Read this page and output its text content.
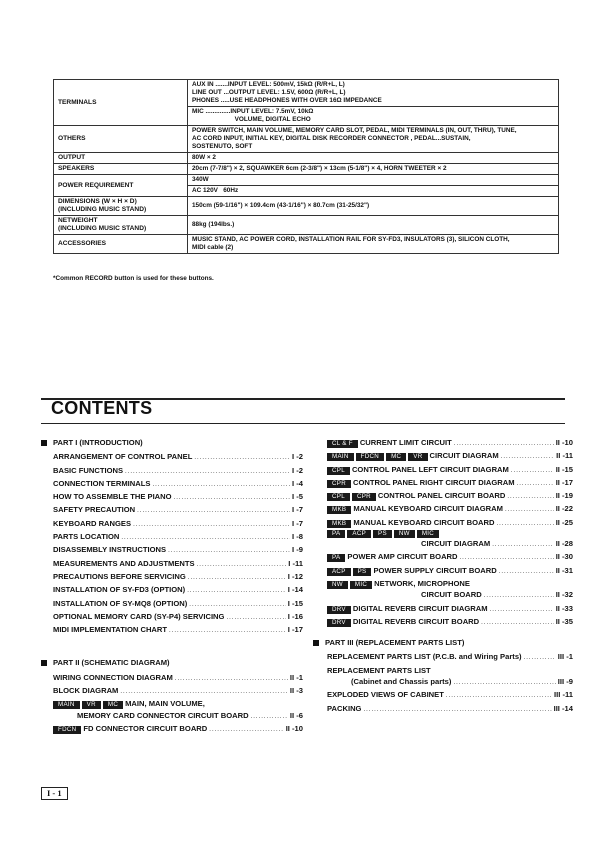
TERMINALS	AUX IN .......INPUT LEVEL: 500mV, 15kΩ (R/R+L, L)
LINE OUT ...OUTPUT LEVEL: 1.5V, 600Ω (R/R+L, L)
PHONES .....USE HEADPHONES WITH OVER 16Ω IMPEDANCE

	MIC ..............INPUT LEVEL: 7.5mV, 10kΩ
VOLUME, DIGITAL ECHO

OTHERS	POWER SWITCH, MAIN VOLUME, MEMORY CARD SLOT, PEDAL, MIDI TERMINALS (IN, OUT, THRU), TUNE,
AC CORD INPUT, INITIAL KEY, DIGITAL DISK RECORDER CONNECTOR , PEDAL...SUSTAIN,
SOSTENUTO, SOFT

OUTPUT	80W × 2

SPEAKERS	20cm (7-7/8") × 2, SQUAWKER 6cm (2-3/8") × 13cm (5-1/8") × 4, HORN TWEETER × 2

POWER REQUIREMENT	340W

	AC 120V   60Hz

DIMENSIONS (W × H × D)
(INCLUDING MUSIC STAND)	150cm (59-1/16") × 109.4cm (43-1/16") × 80.7cm (31-25/32")

NETWEIGHT
(INCLUDING MUSIC STAND)	88kg (194lbs.)

ACCESSORIES	MUSIC STAND, AC POWER CORD, INSTALLATION RAIL FOR SY-FD3, INSULATORS (3), SILICON CLOTH,
MIDI cable (2)
*Common RECORD button is used for these buttons.
CONTENTS
PART I (INTRODUCTION)
ARRANGEMENT OF CONTROL PANEL .....	I -2
BASIC FUNCTIONS .....	I -2
CONNECTION TERMINALS .....	I -4
HOW TO ASSEMBLE THE PIANO .....	I -5
SAFETY PRECAUTION .....	I -7
KEYBOARD RANGES .....	I -7
PARTS LOCATION .....	I -8
DISASSEMBLY INSTRUCTIONS .....	I -9
MEASUREMENTS AND ADJUSTMENTS .....	I -11
PRECAUTIONS BEFORE SERVICING .....	I -12
INSTALLATION OF SY-FD3 (OPTION) .....	I -14
INSTALLATION OF SY-MQ8 (OPTION) .....	I -15
OPTIONAL MEMORY CARD (SY-P4) SERVICING .....	I -16
MIDI IMPLEMENTATION CHART .....	I -17
PART II (SCHEMATIC DIAGRAM)
WIRING CONNECTION DIAGRAM .....	II -1
BLOCK DIAGRAM .....	II -3
MAIN VR MC MAIN, MAIN VOLUME,
MEMORY CARD CONNECTOR CIRCUIT BOARD .....	II -6
FDCN FD CONNECTOR CIRCUIT BOARD .....	II -10
CL & F CURRENT LIMIT CIRCUIT .....	II -10
MAIN	FDCN	MC	VR CIRCUIT DIAGRAM .....	II -11
CPL CONTROL PANEL LEFT CIRCUIT DIAGRAM .....	II -15
CPR CONTROL PANEL RIGHT CIRCUIT DIAGRAM .....	II -17
CPL	CPR CONTROL PANEL CIRCUIT BOARD .....	II -19
MKB MANUAL KEYBOARD CIRCUIT DIAGRAM .....	II -22
MKB MANUAL KEYBOARD CIRCUIT BOARD .....	II -25
PA	ACP	PS	NW	MIC
CIRCUIT DIAGRAM .....	II -28
PA POWER AMP CIRCUIT BOARD .....	II -30
ACP	PS POWER SUPPLY CIRCUIT BOARD .....	II -31
NW	MIC NETWORK, MICROPHONE
CIRCUIT BOARD .....	II -32
DRV DIGITAL REVERB CIRCUIT DIAGRAM .....	II -33
DRV DIGITAL REVERB CIRCUIT BOARD .....	II -35
PART III (REPLACEMENT PARTS LIST)
REPLACEMENT PARTS LIST (P.C.B. and Wiring Parts) .....	III -1
REPLACEMENT PARTS LIST
(Cabinet and Chassis parts) .....	III -9
EXPLODED VIEWS OF CABINET .....	III -11
PACKING .....	III -14
I - 1
